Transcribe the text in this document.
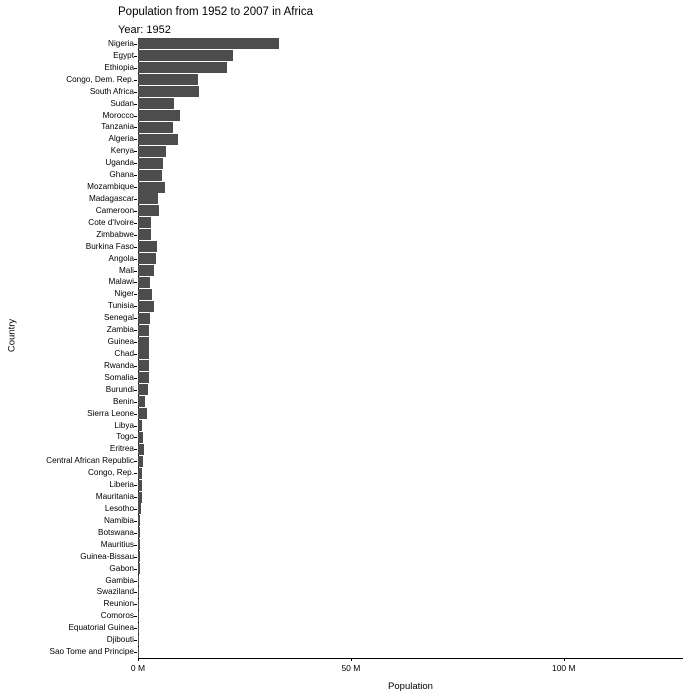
Population from 1952 to 2007 in Africa
Year: 1952
Nigeria
Egypt
Ethiopia
Congo, Dem. Rep.
South Africa
Sudan
Morocco
Tanzania
Algeria
Kenya
Uganda
Ghana
Mozambique
Madagascar
Cameroon
Cote d'Ivoire
Zimbabwe
Burkina Faso
Angola
Mali
Malawi
Niger
Tunisia
Senegal
Zambia
Guinea
Chad
Rwanda
Somalia
Burundi
Benin
Sierra Leone
Libya
Togo
Eritrea
Central African Republic
Congo, Rep.
Liberia
Mauritania
Lesotho
Namibia
Botswana
Mauritius
Guinea-Bissau
Gabon
Gambia
Swaziland
Reunion
Comoros
Equatorial Guinea
Djibouti
Sao Tome and Principe
0 M	50 M	100 M
Population
Country
